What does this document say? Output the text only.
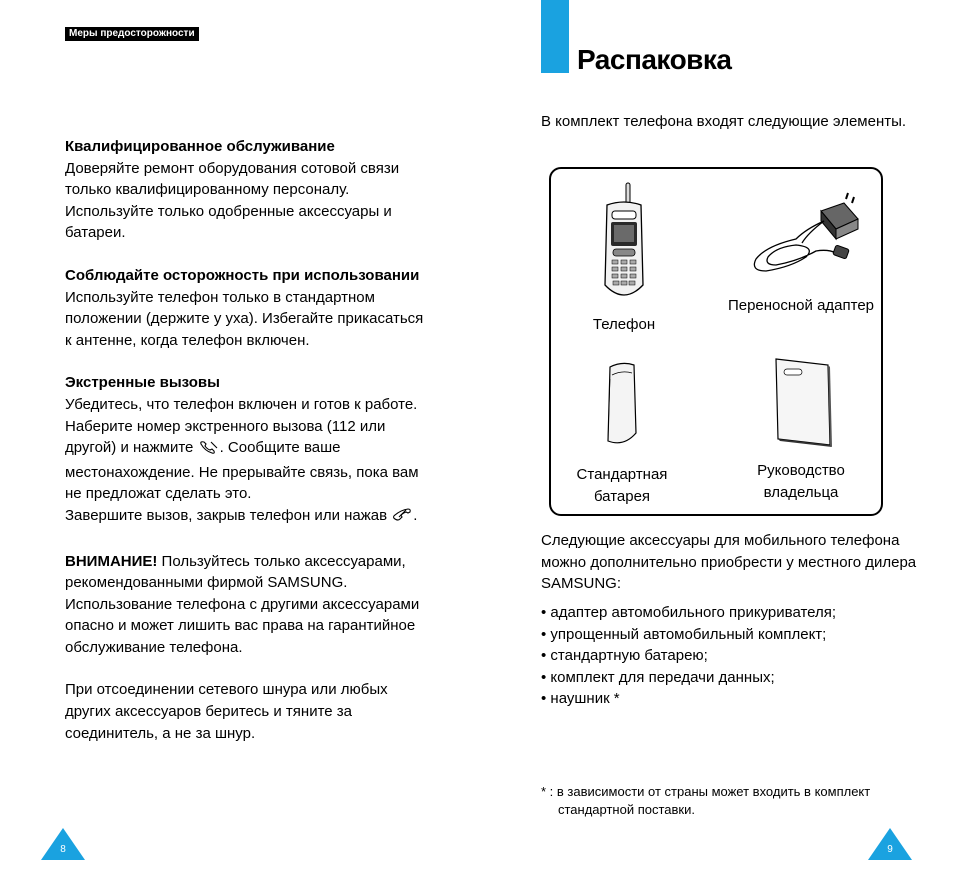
Меры предосторожности
Квалифицированное обслуживание
Доверяйте ремонт оборудования сотовой связи
только квалифицированному персоналу.
Используйте только одобренные аксессуары и
батареи.
Соблюдайте осторожность при использовании
Используйте телефон только в стандартном
положении (держите у уха). Избегайте прикасаться
к антенне, когда телефон включен.
Экстренные вызовы
Убедитесь, что телефон включен и готов к работе.
Наберите номер экстренного вызова (112 или
другой) и нажмите . Сообщите ваше
местонахождение. Не прерывайте связь, пока вам
не предложат сделать это.
Завершите вызов, закрыв телефон или нажав .
ВНИМАНИЕ! Пользуйтесь только аксессуарами,
рекомендованными фирмой SAMSUNG.
Использование телефона с другими аксессуарами
опасно и может лишить вас права на гарантийное
обслуживание телефона.
При отсоединении сетевого шнура или любых
других аксессуаров беритесь и тяните за
соединитель, а не за шнур.
8
Распаковка
В комплект телефона входят следующие элементы.
Телефон
Переносной адаптер
Стандартная
батарея
Руководство
владельца
Следующие аксессуары для мобильного телефона
можно дополнительно приобрести у местного дилера
SAMSUNG:
• адаптер автомобильного прикуривателя;
• упрощенный автомобильный комплект;
• стандартную батарею;
• комплект для передачи данных;
• наушник *
* : в зависимости от страны может входить в комплект
стандартной поставки.
9
